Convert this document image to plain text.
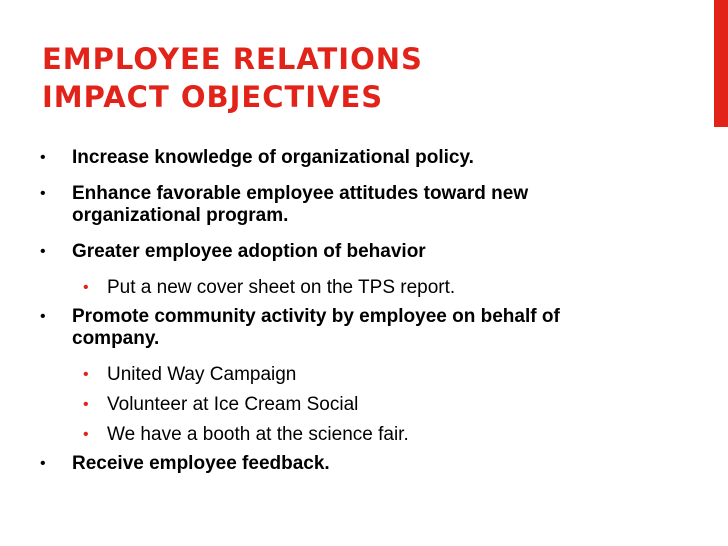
EMPLOYEE RELATIONS
IMPACT OBJECTIVES
• Increase knowledge of organizational policy.
• Enhance favorable employee attitudes toward new organizational program.
• Greater employee adoption of behavior
• Put a new cover sheet on the TPS report.
• Promote community activity by employee on behalf of company.
• United Way Campaign
• Volunteer at Ice Cream Social
• We have a booth at the science fair.
• Receive employee feedback.
